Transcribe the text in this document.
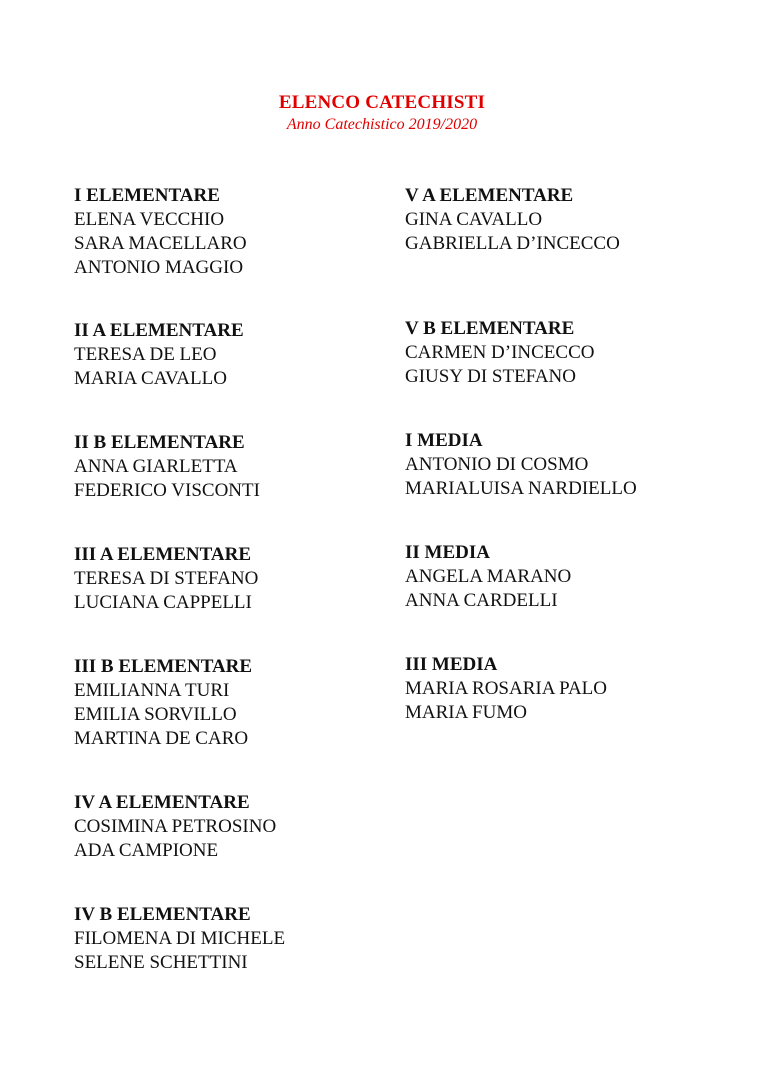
ELENCO CATECHISTI
Anno Catechistico 2019/2020
I ELEMENTARE
ELENA VECCHIO
SARA MACELLARO
ANTONIO MAGGIO
II A ELEMENTARE
TERESA DE LEO
MARIA CAVALLO
II B ELEMENTARE
ANNA GIARLETTA
FEDERICO VISCONTI
III A ELEMENTARE
TERESA DI STEFANO
LUCIANA CAPPELLI
III B ELEMENTARE
EMILIANNA TURI
EMILIA SORVILLO
MARTINA DE CARO
IV A ELEMENTARE
COSIMINA PETROSINO
ADA CAMPIONE
IV B ELEMENTARE
FILOMENA DI MICHELE
SELENE SCHETTINI
V A ELEMENTARE
GINA CAVALLO
GABRIELLA D’INCECCO
V B ELEMENTARE
CARMEN D’INCECCO
GIUSY DI STEFANO
I MEDIA
ANTONIO DI COSMO
MARIALUISA NARDIELLO
II MEDIA
ANGELA MARANO
ANNA CARDELLI
III MEDIA
MARIA ROSARIA PALO
MARIA FUMO
